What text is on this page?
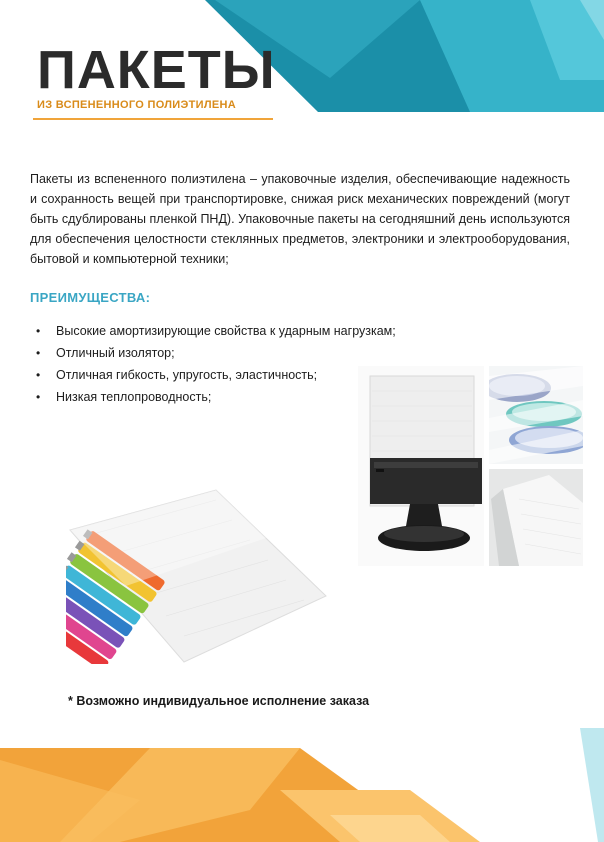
ПАКЕТЫ

ИЗ ВСПЕНЕННОГО ПОЛИЭТИЛЕНА

Пакеты из вспененного полиэтилена – упаковочные изделия, обеспечивающие надежность и сохранность вещей при транспортировке, снижая риск механических повреждений (могут быть сдублированы пленкой ПНД). Упаковочные пакеты на сегодняшний день используются для обеспечения целостности стеклянных предметов, электроники и электрооборудования, бытовой и компьютерной техники;

ПРЕИМУЩЕСТВА:
• Высокие амортизирующие свойства к ударным нагрузкам;
• Отличный изолятор;
• Отличная гибкость, упругость, эластичность;
• Низкая теплопроводность;

* Возможно индивидуальное исполнение заказа
